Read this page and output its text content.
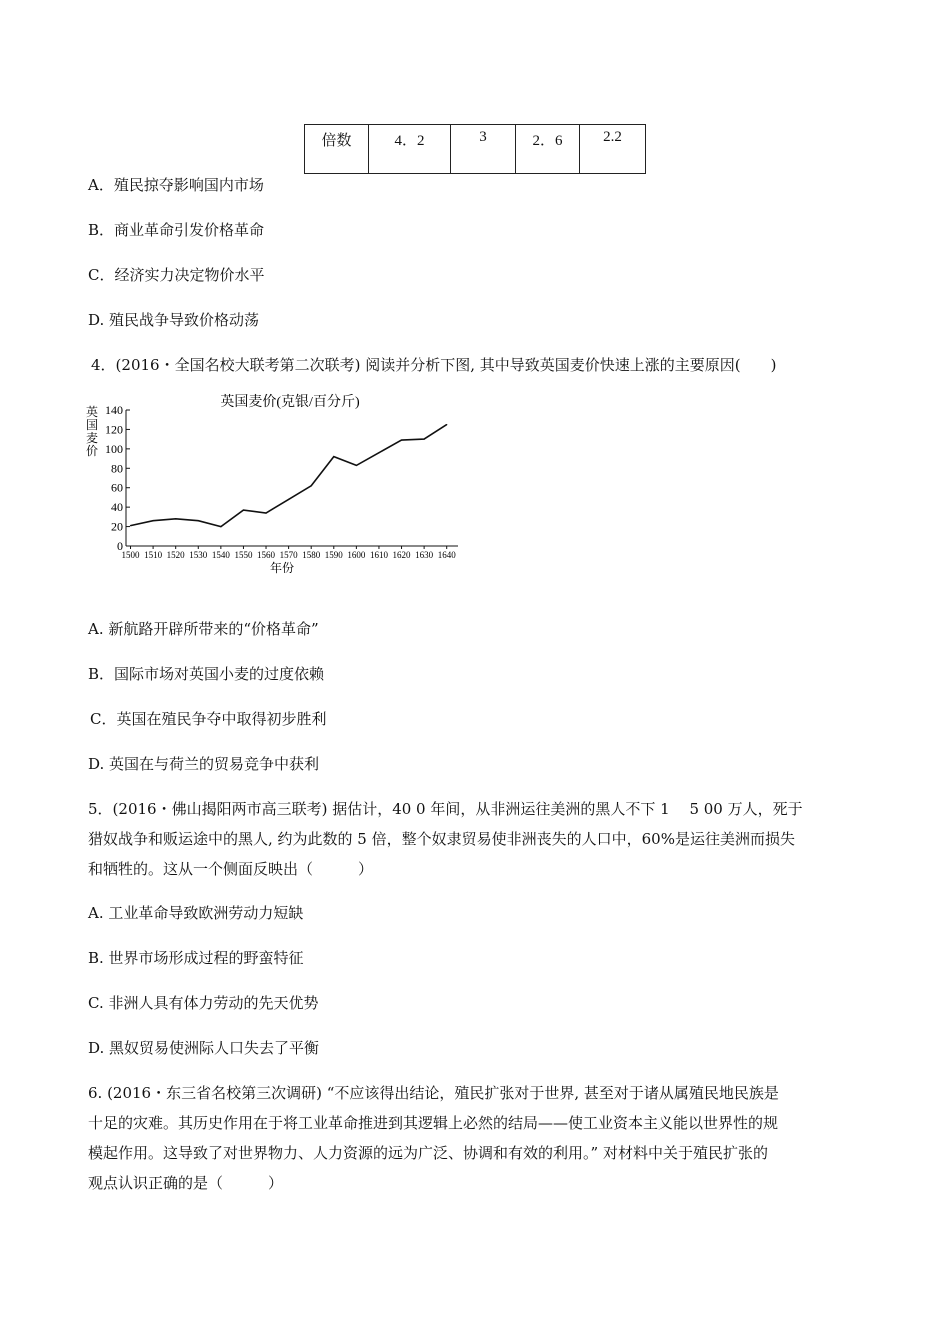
倍数	4．2	3	2．6	2.2
A．殖民掠夺影响国内市场
B．商业革命引发价格革命
C．经济实力决定物价水平
D. 殖民战争导致价格动荡
4．(2016・全国名校大联考第二次联考) 阅读并分析下图, 其中导致英国麦价快速上涨的主要原因(　　)
英国麦价(克银/百分斤)
英
国
麦
价
0
20
40
60
80
100
120
140
1500 1510 1520 1530 1540 1550 1560 1570 1580 1590 1600 1610 1620 1630 1640
年份
A. 新航路开辟所带来的“价格革命”
B．国际市场对英国小麦的过度依赖
C．英国在殖民争夺中取得初步胜利
D. 英国在与荷兰的贸易竞争中获利
5．(2016・佛山揭阳两市高三联考) 据估计，40 0 年间，从非洲运往美洲的黑人不下 1　 5 00 万人，死于
猎奴战争和贩运途中的黑人, 约为此数的 5 倍，整个奴隶贸易使非洲丧失的人口中，60%是运往美洲而损失
和牺牲的。这从一个侧面反映出（　　　）
A. 工业革命导致欧洲劳动力短缺
B. 世界市场形成过程的野蛮特征
C. 非洲人具有体力劳动的先天优势
D. 黑奴贸易使洲际人口失去了平衡
6. (2016・东三省名校第三次调研) “不应该得出结论，殖民扩张对于世界, 甚至对于诸从属殖民地民族是
十足的灾难。其历史作用在于将工业革命推进到其逻辑上必然的结局——使工业资本主义能以世界性的规
模起作用。这导致了对世界物力、人力资源的远为广泛、协调和有效的利用。” 对材料中关于殖民扩张的
观点认识正确的是（　　　）
